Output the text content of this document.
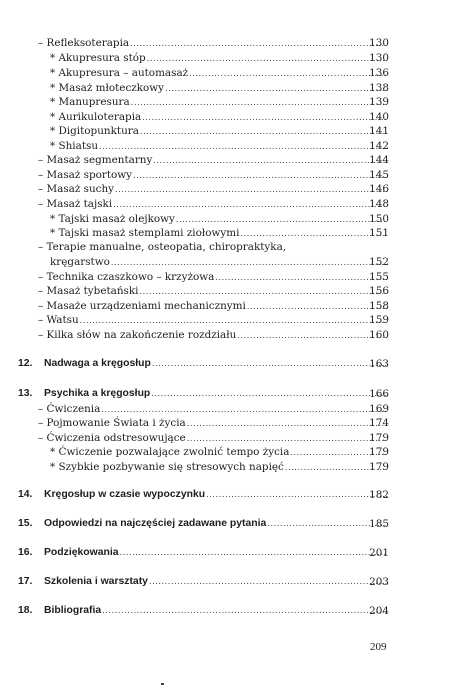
– Refleksoterapia .....	130
* Akupresura stóp .....	130
* Akupresura – automasaż .....	136
* Masaż młoteczkowy .....	138
* Manupresura .....	139
* Aurikuloterapia .....	140
* Digitopunktura .....	141
* Shiatsu .....	142
– Masaż segmentarny .....	144
– Masaż sportowy .....	145
– Masaż suchy .....	146
– Masaż tajski .....	148
* Tajski masaż olejkowy .....	150
* Tajski masaż stemplami ziołowymi .....	151
– Terapie manualne, osteopatia, chiropraktyka,
kręgarstwo .....	152
– Technika czaszkowo – krzyżowa .....	155
– Masaż tybetański .....	156
– Masaże urządzeniami mechanicznymi .....	158
– Watsu .....	159
– Kilka słów na zakończenie rozdziału .....	160
12. Nadwaga a kręgosłup .....	163
13. Psychika a kręgosłup .....	166
– Ćwiczenia .....	169
– Pojmowanie Świata i życia .....	174
– Ćwiczenia odstresowujące .....	179
* Ćwiczenie pozwalające zwolnić tempo życia .....	179
* Szybkie pozbywanie się stresowych napięć .....	179
14. Kręgosłup w czasie wypoczynku .....	182
15. Odpowiedzi na najczęściej zadawane pytania .....	185
16. Podziękowania .....	201
17. Szkolenia i warsztaty .....	203
18. Bibliografia .....	204
209
